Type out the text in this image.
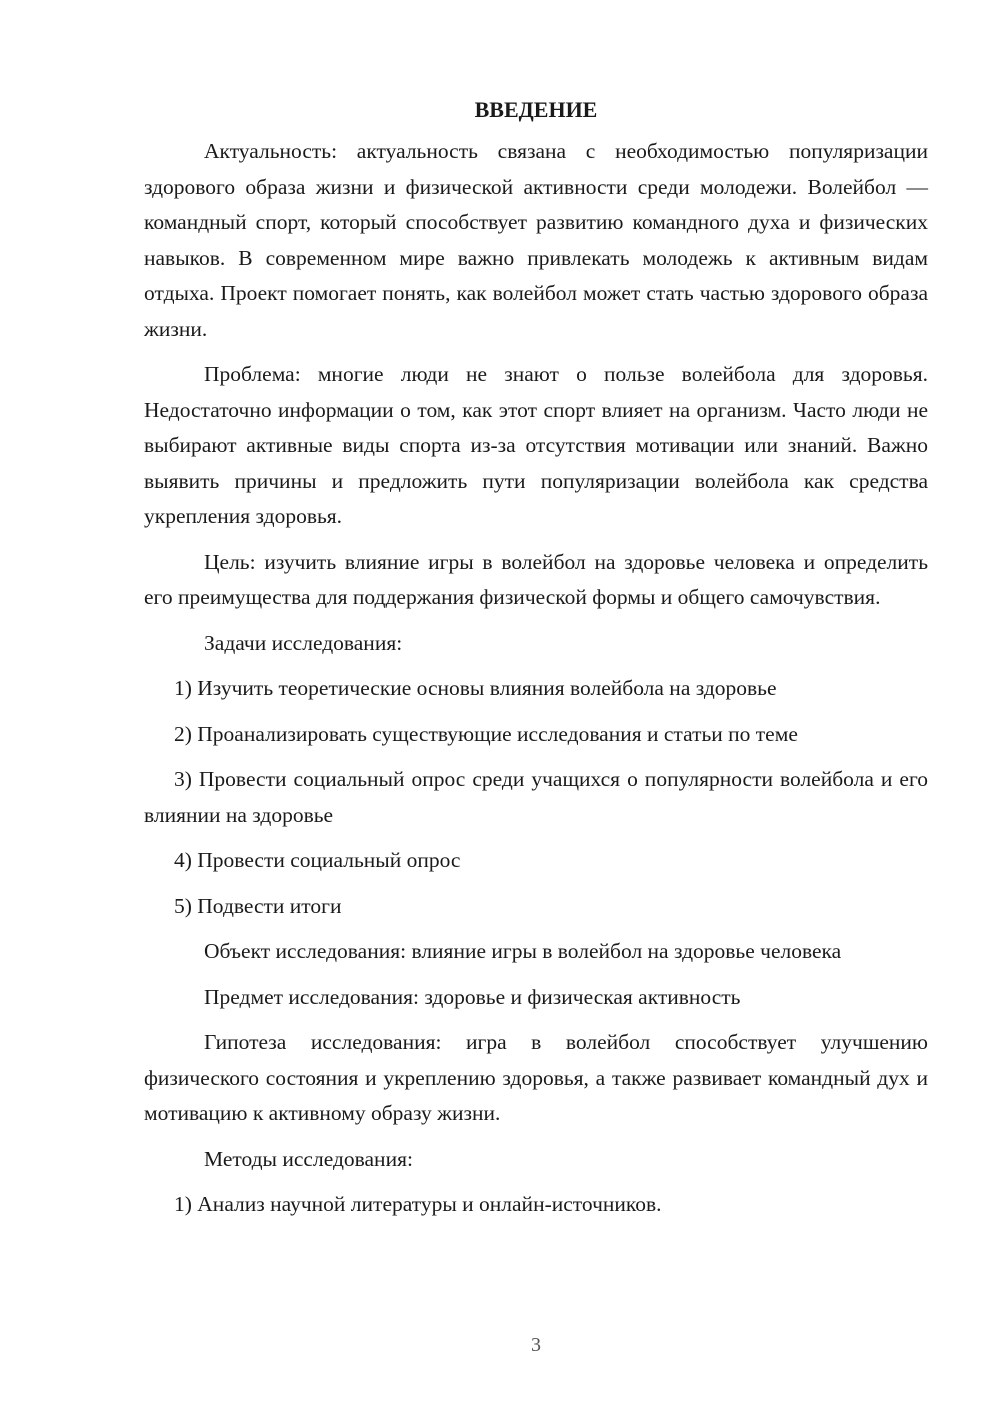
ВВЕДЕНИЕ

Актуальность: актуальность связана с необходимостью популяризации здорового образа жизни и физической активности среди молодежи. Волейбол — командный спорт, который способствует развитию командного духа и физических навыков. В современном мире важно привлекать молодежь к активным видам отдыха. Проект помогает понять, как волейбол может стать частью здорового образа жизни.

Проблема: многие люди не знают о пользе волейбола для здоровья. Недостаточно информации о том, как этот спорт влияет на организм. Часто люди не выбирают активные виды спорта из-за отсутствия мотивации или знаний. Важно выявить причины и предложить пути популяризации волейбола как средства укрепления здоровья.

Цель: изучить влияние игры в волейбол на здоровье человека и определить его преимущества для поддержания физической формы и общего самочувствия.

Задачи исследования:

1) Изучить теоретические основы влияния волейбола на здоровье

2) Проанализировать существующие исследования и статьи по теме

3) Провести социальный опрос среди учащихся о популярности волейбола и его влиянии на здоровье

4) Провести социальный опрос

5) Подвести итоги

Объект исследования: влияние игры в волейбол на здоровье человека

Предмет исследования: здоровье и физическая активность

Гипотеза исследования: игра в волейбол способствует улучшению физического состояния и укреплению здоровья, а также развивает командный дух и мотивацию к активному образу жизни.

Методы исследования:

1) Анализ научной литературы и онлайн-источников.

3
